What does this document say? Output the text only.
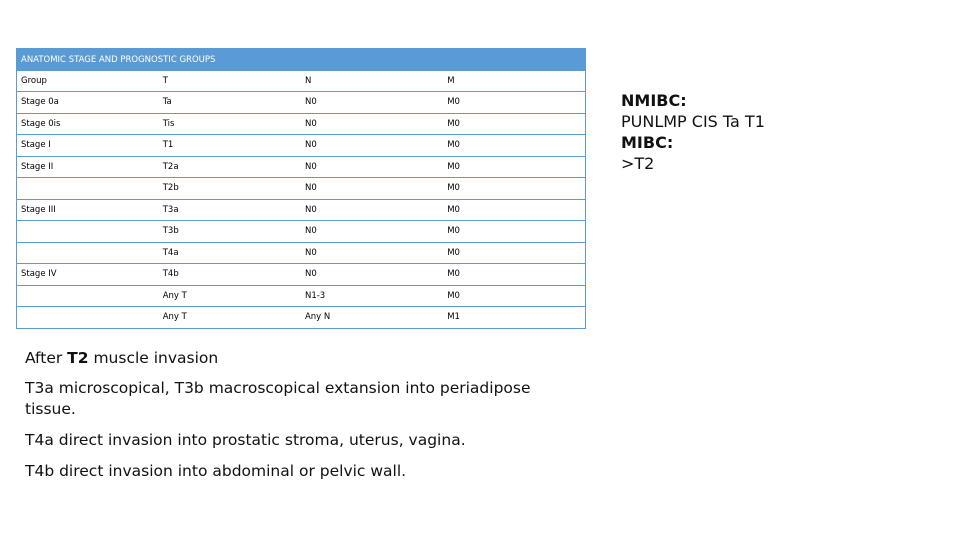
ANATOMIC STAGE AND PROGNOSTIC GROUPS			
Group	T	N	M
Stage 0a	Ta	N0	M0
Stage 0is	Tis	N0	M0
Stage I	T1	N0	M0
Stage II	T2a	N0	M0
	T2b	N0	M0
Stage III	T3a	N0	M0
	T3b	N0	M0
	T4a	N0	M0
Stage IV	T4b	N0	M0
	Any T	N1-3	M0
	Any T	Any N	M1
NMIBC:
PUNLMP CIS Ta T1
MIBC:
>T2

After T2 muscle invasion

T3a microscopical, T3b macroscopical extansion into periadipose tissue.

T4a direct invasion into prostatic stroma, uterus, vagina.

T4b direct invasion into abdominal or pelvic wall.
